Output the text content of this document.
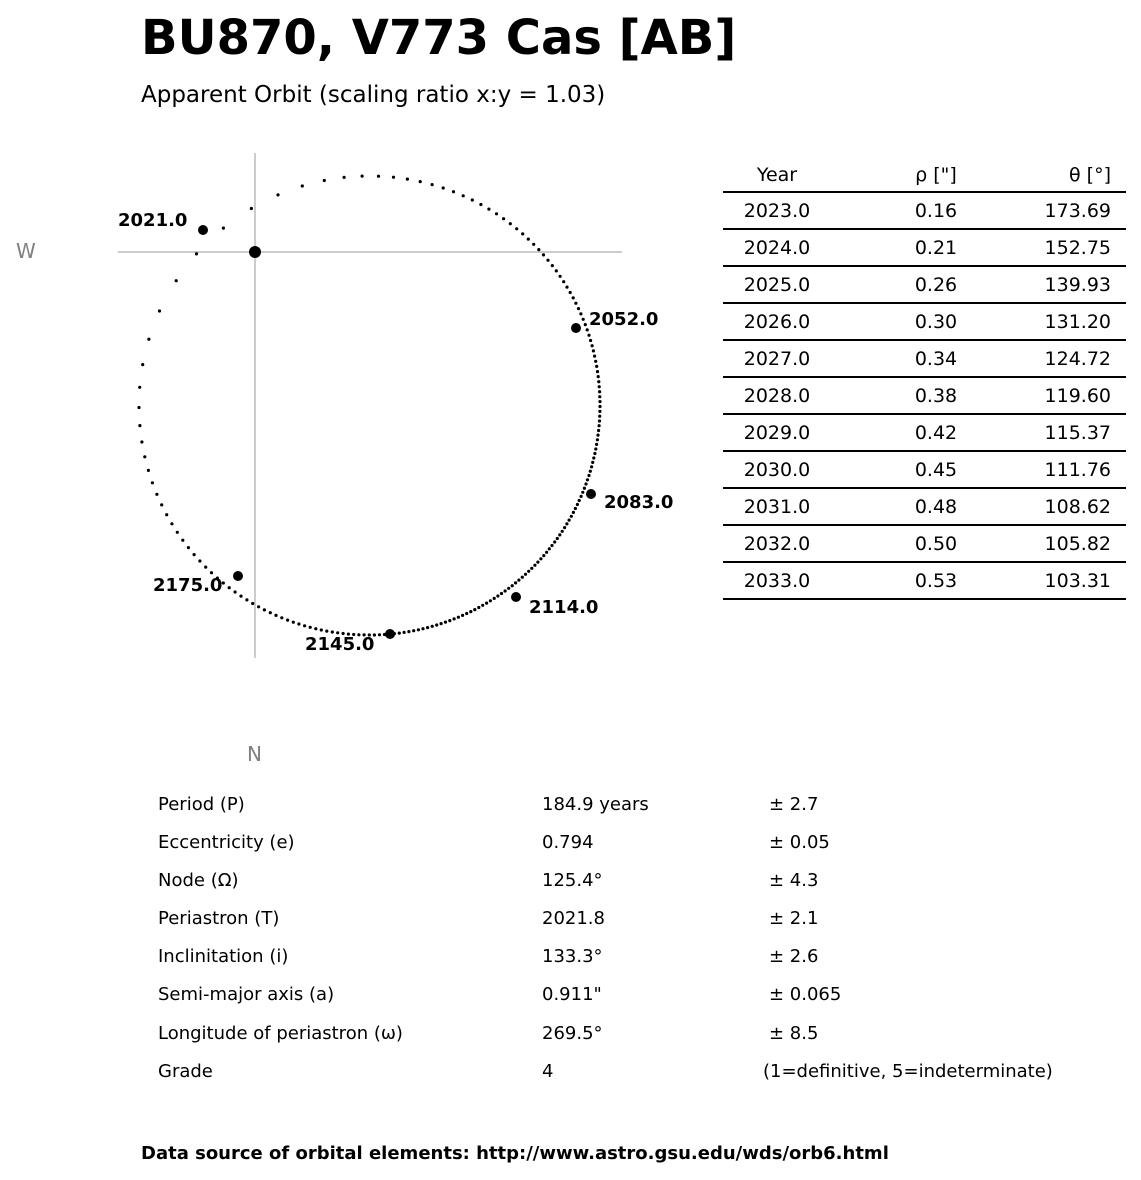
BU870, V773 Cas [AB]
Apparent Orbit (scaling ratio x:y = 1.03)
W
N
2021.0
2052.0
2083.0
2114.0
2145.0
2175.0
Year	ρ ["]	θ [°]
2023.0	0.16	173.69
2024.0	0.21	152.75
2025.0	0.26	139.93
2026.0	0.30	131.20
2027.0	0.34	124.72
2028.0	0.38	119.60
2029.0	0.42	115.37
2030.0	0.45	111.76
2031.0	0.48	108.62
2032.0	0.50	105.82
2033.0	0.53	103.31
Period (P)	184.9 years	± 2.7
Eccentricity (e)	0.794	± 0.05
Node (Ω)	125.4°	± 4.3
Periastron (T)	2021.8	± 2.1
Inclinitation (i)	133.3°	± 2.6
Semi-major axis (a)	0.911"	± 0.065
Longitude of periastron (ω)	269.5°	± 8.5
Grade	4	(1=definitive, 5=indeterminate)
Data source of orbital elements: http://www.astro.gsu.edu/wds/orb6.html
